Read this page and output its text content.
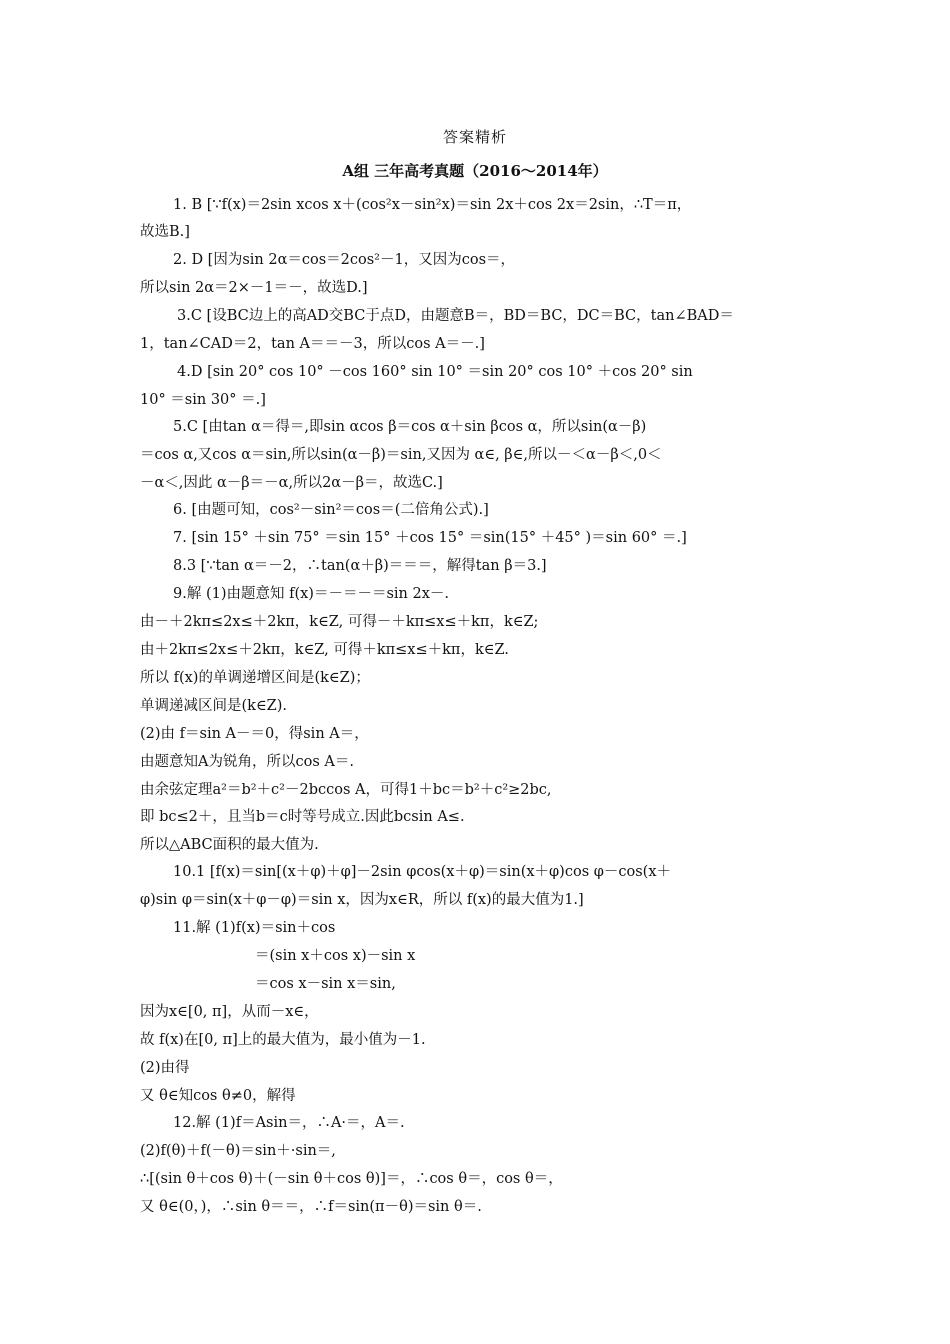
答案精析
A组 三年高考真题（2016～2014年）
1. B [∵f(x)＝2sin xcos x＋(cos²x－sin²x)＝sin 2x＋cos 2x＝2sin，∴T＝π，
故选B.]
2. D [因为sin 2α＝cos＝2cos²－1，又因为cos＝，
所以sin 2α＝2×－1＝－，故选D.]
3.C [设BC边上的高AD交BC于点D，由题意B＝，BD＝BC，DC＝BC，tan∠BAD＝
1，tan∠CAD＝2，tan A＝＝－3，所以cos A＝－.]
4.D [sin 20° cos 10° －cos 160° sin 10° ＝sin 20° cos 10° ＋cos 20° sin
10° ＝sin 30° ＝.]
5.C [由tan α＝得＝,即sin αcos β＝cos α＋sin βcos α，所以sin(α－β)
＝cos α,又cos α＝sin,所以sin(α－β)＝sin,又因为 α∈, β∈,所以－＜α－β＜,0＜
－α＜,因此 α－β＝－α,所以2α－β＝，故选C.]
6. [由题可知，cos²－sin²＝cos＝(二倍角公式).]
7. [sin 15° ＋sin 75° ＝sin 15° ＋cos 15° ＝sin(15° ＋45° )＝sin 60° ＝.]
8.3 [∵tan α＝－2，∴tan(α＋β)＝＝＝，解得tan β＝3.]
9.解 (1)由题意知 f(x)＝－＝－＝sin 2x－.
由－＋2kπ≤2x≤＋2kπ，k∈Z, 可得－＋kπ≤x≤＋kπ，k∈Z;
由＋2kπ≤2x≤＋2kπ，k∈Z, 可得＋kπ≤x≤＋kπ，k∈Z.
所以 f(x)的单调递增区间是(k∈Z)；
单调递减区间是(k∈Z).
(2)由 f＝sin A－＝0，得sin A＝，
由题意知A为锐角，所以cos A＝.
由余弦定理a²＝b²＋c²－2bccos A，可得1＋bc＝b²＋c²≥2bc,
即 bc≤2＋，且当b＝c时等号成立.因此bcsin A≤.
所以△ABC面积的最大值为.
10.1 [f(x)＝sin[(x＋φ)＋φ]－2sin φcos(x＋φ)＝sin(x＋φ)cos φ－cos(x＋
φ)sin φ＝sin(x＋φ－φ)＝sin x，因为x∈R，所以 f(x)的最大值为1.]
11.解 (1)f(x)＝sin＋cos
＝(sin x＋cos x)－sin x
＝cos x－sin x＝sin,
因为x∈[0, π]，从而－x∈，
故 f(x)在[0, π]上的最大值为，最小值为－1.
(2)由得
又 θ∈知cos θ≠0，解得
12.解 (1)f＝Asin＝，∴A·＝，A＝.
(2)f(θ)＋f(－θ)＝sin＋·sin＝,
∴[(sin θ＋cos θ)＋(－sin θ＋cos θ)]＝，∴cos θ＝，cos θ＝，
又 θ∈(0，)，∴sin θ＝＝，∴f＝sin(π－θ)＝sin θ＝.
